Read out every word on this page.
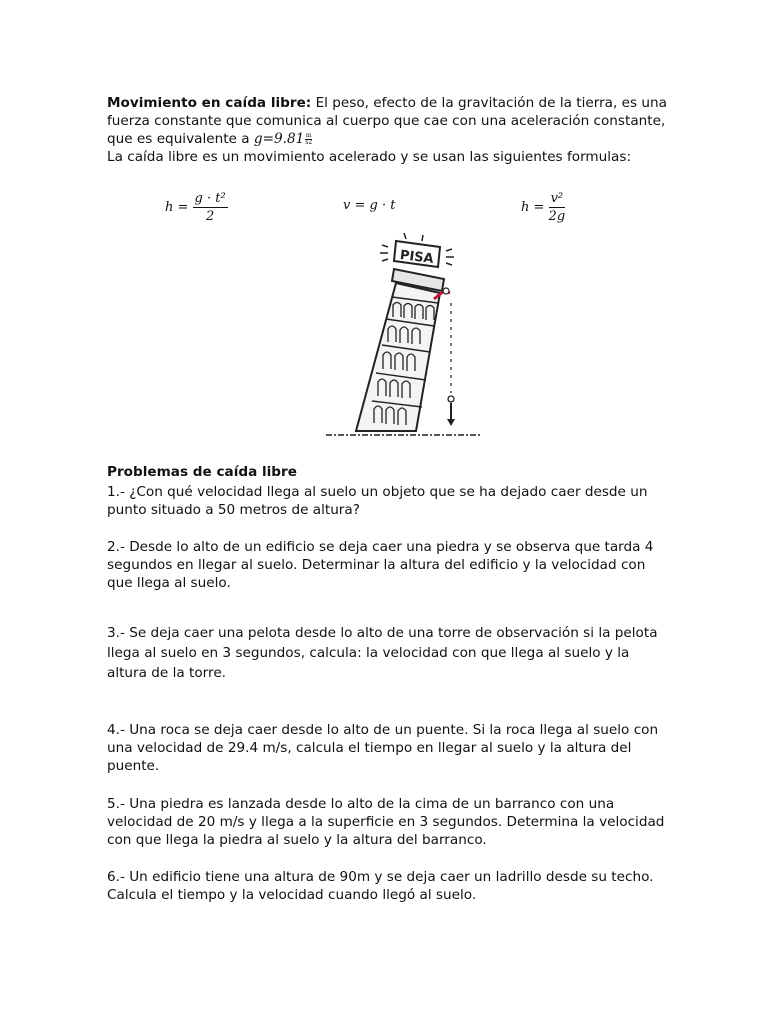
Movimiento en caída libre: El peso, efecto de la gravitación de la tierra, es una fuerza constante que comunica al cuerpo que cae con una aceleración constante, que es equivalente a $g=9.81 \frac{m}{s2}$
La caída libre es un movimiento acelerado y se usan las siguientes formulas:

$h = \frac{\text{g · t²}}{2}$	v = g · t	$h = \frac{\text{v²}}{2g}$
PISA

Problemas de caída libre

1.- ¿Con qué velocidad llega al suelo un objeto que se ha dejado caer desde un punto situado a 50 metros de altura?

2.- Desde lo alto de un edificio se deja caer una piedra y se observa que tarda 4 segundos en llegar al suelo. Determinar la altura del edificio y la velocidad con que llega al suelo.

3.- Se deja caer una pelota desde lo alto de una torre de observación si la pelota llega al suelo en 3 segundos, calcula: la velocidad con que llega al suelo y la altura de la torre.

4.- Una roca se deja caer desde lo alto de un puente. Si la roca llega al suelo con una velocidad de 29.4 m/s, calcula el tiempo en llegar al suelo y la altura del puente.

5.- Una piedra es lanzada desde lo alto de la cima de un barranco con una velocidad de 20 m/s y llega a la superficie en 3 segundos. Determina la velocidad con que llega la piedra al suelo y la altura del barranco.

6.- Un edificio tiene una altura de 90m y se deja caer un ladrillo desde su techo. Calcula el tiempo y la velocidad cuando llegó al suelo.
